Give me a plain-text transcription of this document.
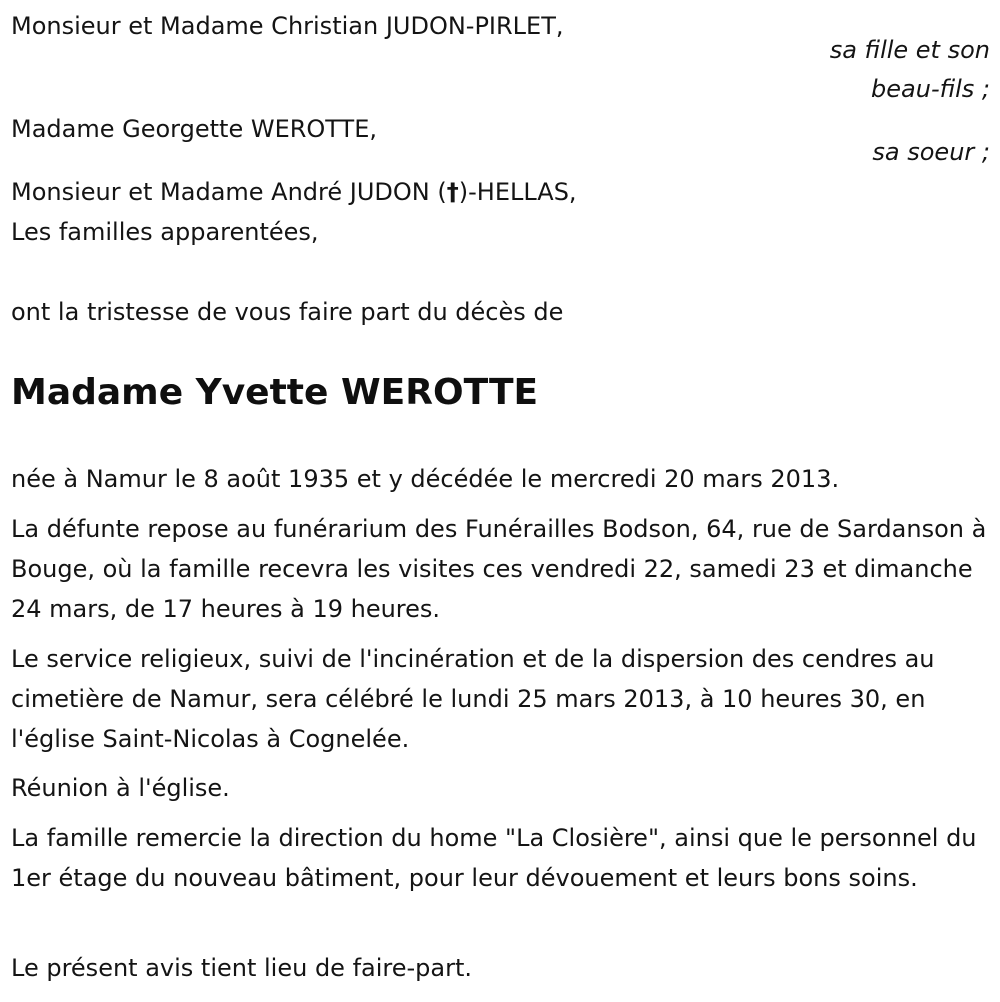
Monsieur et Madame Christian JUDON-PIRLET,
sa fille et son
beau-fils ;
Madame Georgette WEROTTE,
sa soeur ;
Monsieur et Madame André JUDON (†)-HELLAS,
Les familles apparentées,
ont la tristesse de vous faire part du décès de
Madame Yvette WEROTTE
née à Namur le 8 août 1935 et y décédée le mercredi 20 mars 2013.
La défunte repose au funérarium des Funérailles Bodson, 64, rue de Sardanson à Bouge, où la famille recevra les visites ces vendredi 22, samedi 23 et dimanche 24 mars, de 17 heures à 19 heures.
Le service religieux, suivi de l'incinération et de la dispersion des cendres au cimetière de Namur, sera célébré le lundi 25 mars 2013, à 10 heures 30, en l'église Saint-Nicolas à Cognelée.
Réunion à l'église.
La famille remercie la direction du home "La Closière", ainsi que le personnel du 1er étage du nouveau bâtiment, pour leur dévouement et leurs bons soins.
Le présent avis tient lieu de faire-part.
